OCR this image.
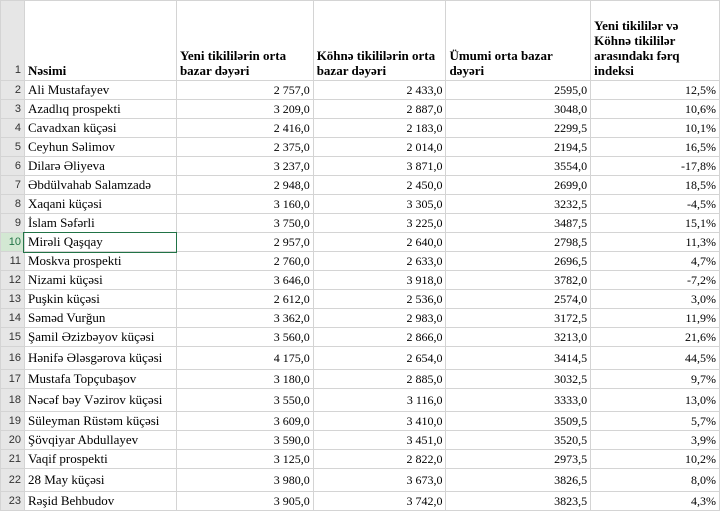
1	Nəsimi	Yeni tikililərin orta bazar dəyəri	Köhnə tikililərin orta bazar dəyəri	Ümumi orta bazar dəyəri	Yeni tikililər və Köhnə tikililər arasındakı fərq indeksi
2	Ali Mustafayev	2 757,0	2 433,0	2595,0	12,5%
3	Azadlıq prospekti	3 209,0	2 887,0	3048,0	10,6%
4	Cavadxan küçəsi	2 416,0	2 183,0	2299,5	10,1%
5	Ceyhun Səlimov	2 375,0	2 014,0	2194,5	16,5%
6	Dilarə Əliyeva	3 237,0	3 871,0	3554,0	-17,8%
7	Əbdülvahab Salamzadə	2 948,0	2 450,0	2699,0	18,5%
8	Xaqani küçəsi	3 160,0	3 305,0	3232,5	-4,5%
9	İslam Səfərli	3 750,0	3 225,0	3487,5	15,1%
10	Mirəli Qaşqay	2 957,0	2 640,0	2798,5	11,3%
11	Moskva prospekti	2 760,0	2 633,0	2696,5	4,7%
12	Nizami küçəsi	3 646,0	3 918,0	3782,0	-7,2%
13	Puşkin küçəsi	2 612,0	2 536,0	2574,0	3,0%
14	Səməd Vurğun	3 362,0	2 983,0	3172,5	11,9%
15	Şamil Əzizbəyov küçəsi	3 560,0	2 866,0	3213,0	21,6%
16	Hənifə Ələsgərova küçəsi	4 175,0	2 654,0	3414,5	44,5%
17	Mustafa Topçubaşov	3 180,0	2 885,0	3032,5	9,7%
18	Nəcəf bəy Vəzirov küçəsi	3 550,0	3 116,0	3333,0	13,0%
19	Süleyman Rüstəm küçəsi	3 609,0	3 410,0	3509,5	5,7%
20	Şövqiyar Abdullayev	3 590,0	3 451,0	3520,5	3,9%
21	Vaqif prospekti	3 125,0	2 822,0	2973,5	10,2%
22	28 May küçəsi	3 980,0	3 673,0	3826,5	8,0%
23	Rəşid Behbudov	3 905,0	3 742,0	3823,5	4,3%
